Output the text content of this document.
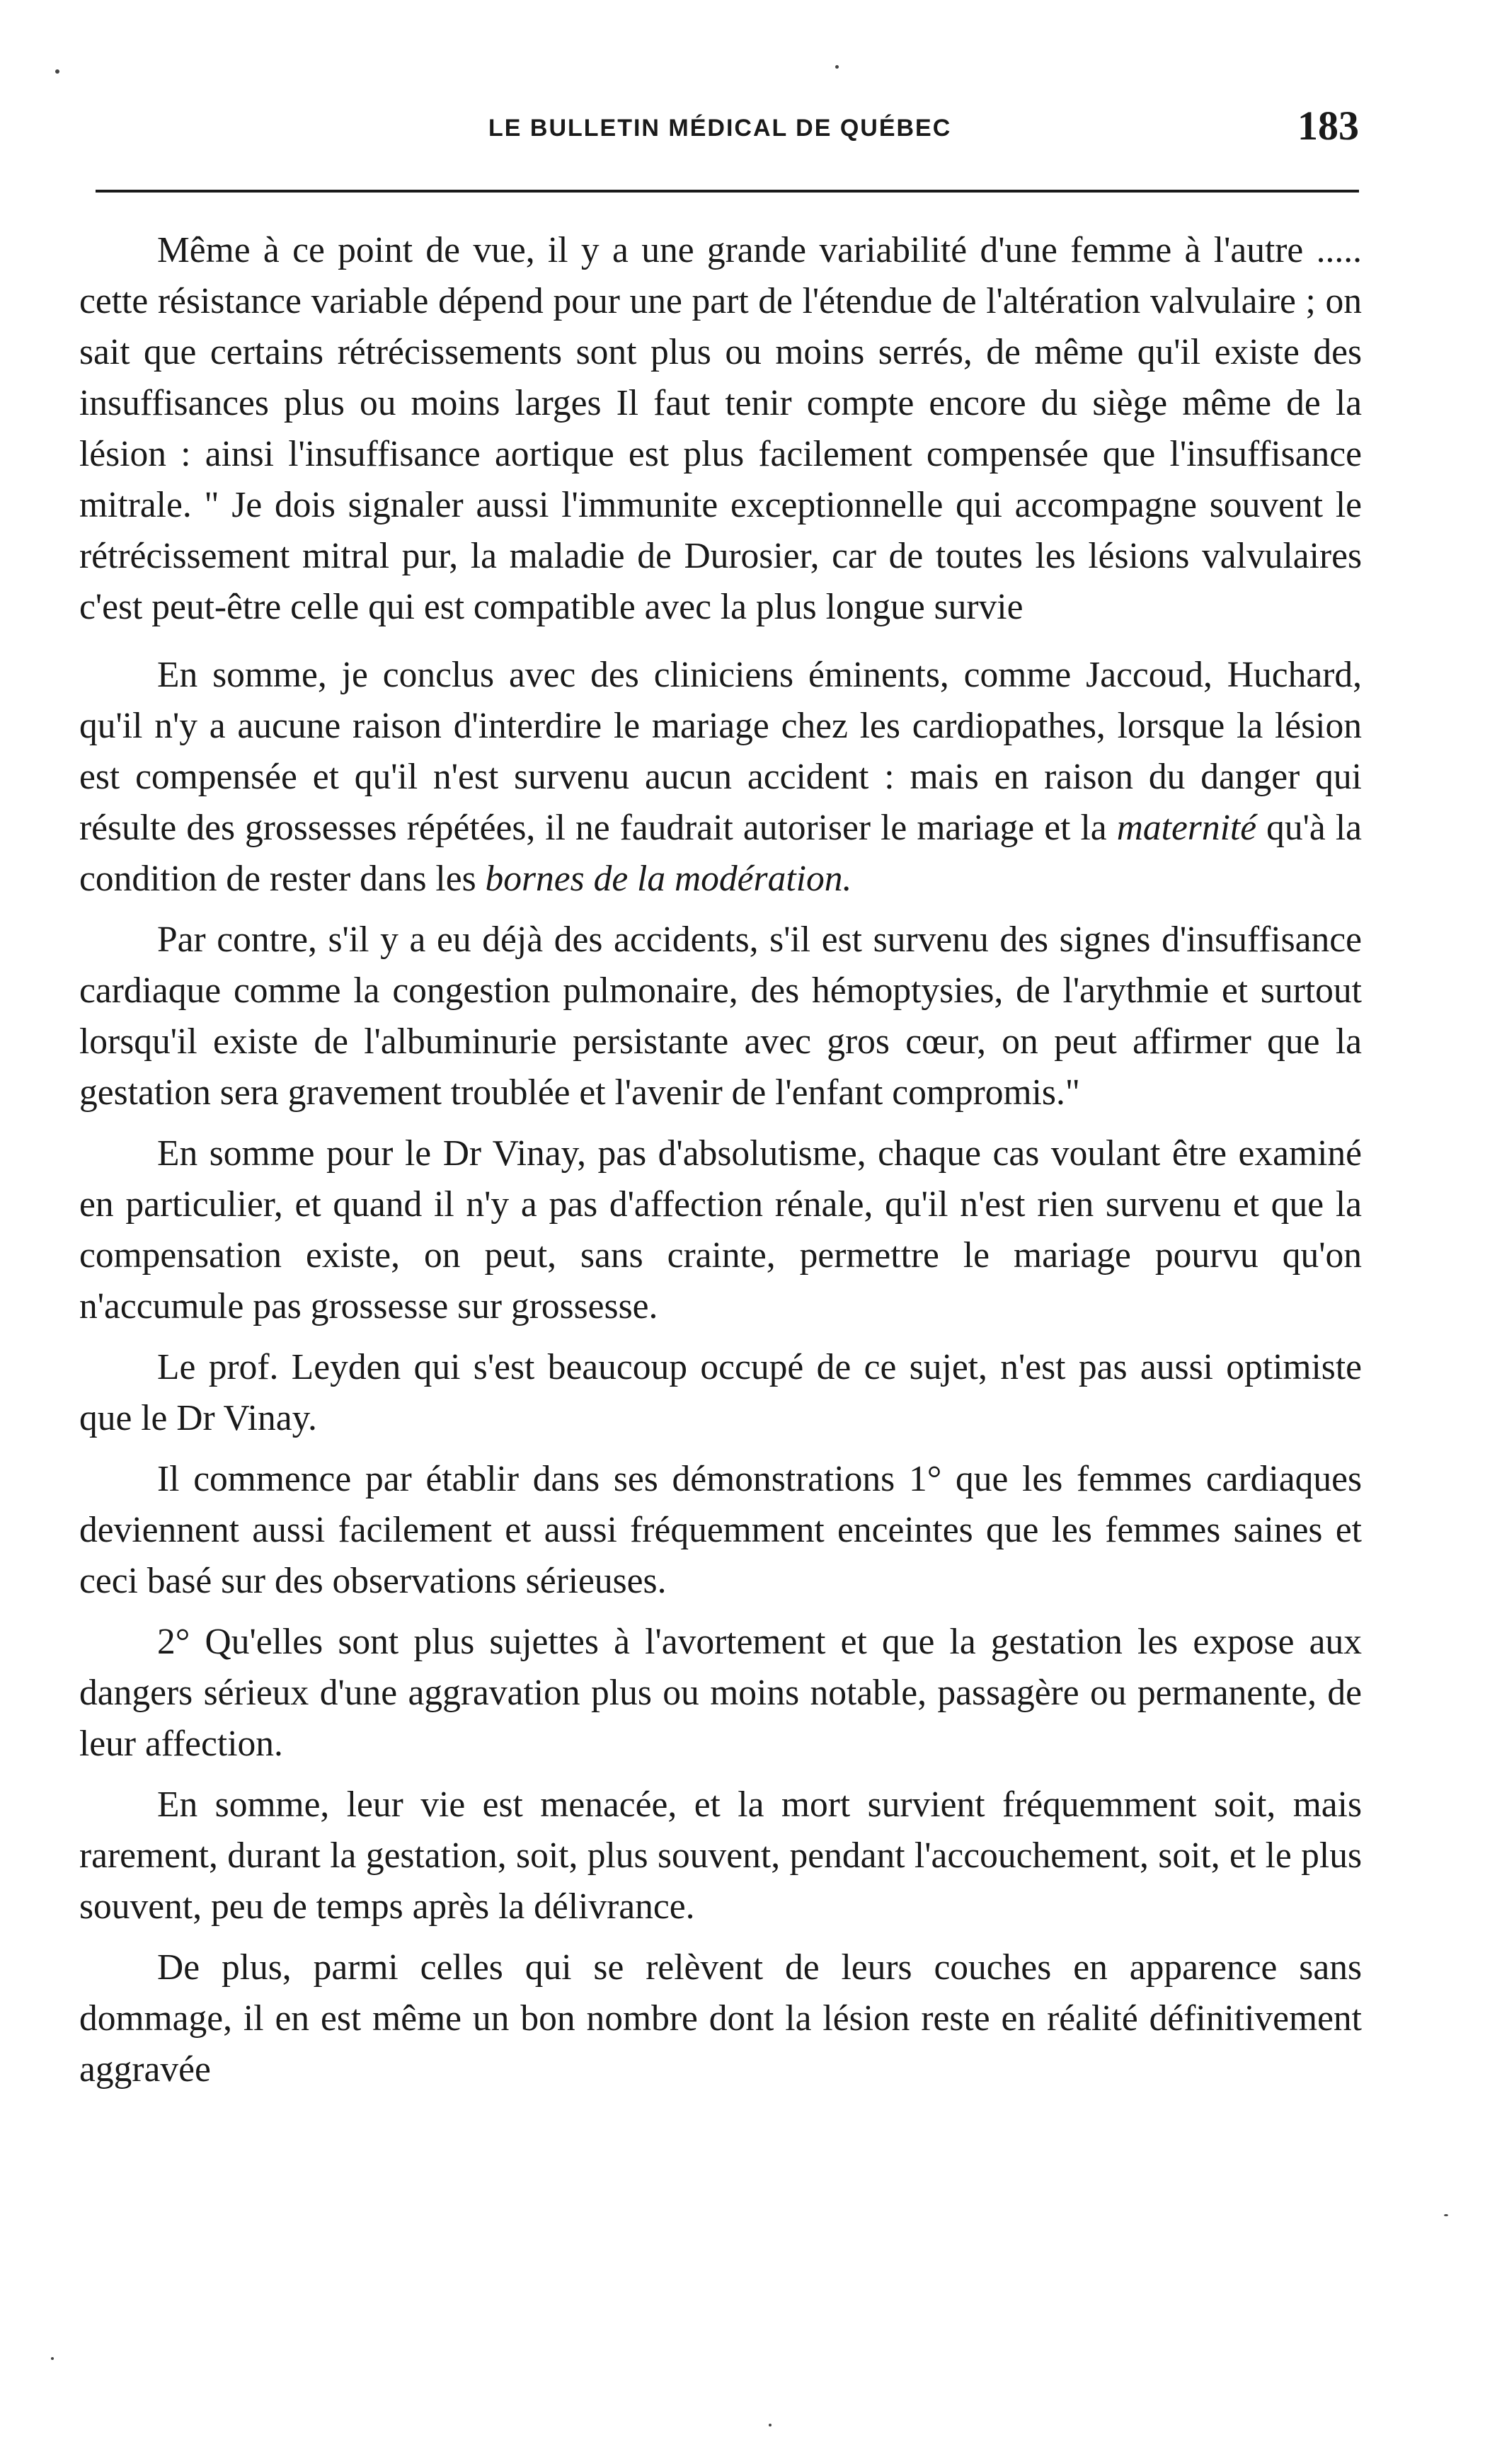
LE BULLETIN MÉDICAL DE QUÉBEC	183

Même à ce point de vue, il y a une grande variabilité d'une femme à l'autre ..... cette résistance variable dépend pour une part de l'étendue de l'altération valvulaire ; on sait que certains rétrécissements sont plus ou moins serrés, de même qu'il existe des insuffisances plus ou moins larges Il faut tenir compte encore du siège même de la lésion : ainsi l'insuffisance aortique est plus facilement compensée que l'insuffisance mitrale. " Je dois signaler aussi l'immunite exceptionnelle qui accompagne souvent le rétrécissement mitral pur, la maladie de Durosier, car de toutes les lésions valvulaires c'est peut-être celle qui est compatible avec la plus longue survie

En somme, je conclus avec des cliniciens éminents, comme Jaccoud, Huchard, qu'il n'y a aucune raison d'interdire le mariage chez les cardiopathes, lorsque la lésion est compensée et qu'il n'est survenu aucun accident : mais en raison du danger qui résulte des grossesses répétées, il ne faudrait autoriser le mariage et la maternité qu'à la condition de rester dans les bornes de la modération.

Par contre, s'il y a eu déjà des accidents, s'il est survenu des signes d'insuffisance cardiaque comme la congestion pulmonaire, des hémoptysies, de l'arythmie et surtout lorsqu'il existe de l'albuminurie persistante avec gros cœur, on peut affirmer que la gestation sera gravement troublée et l'avenir de l'enfant compromis."

En somme pour le Dr Vinay, pas d'absolutisme, chaque cas voulant être examiné en particulier, et quand il n'y a pas d'affection rénale, qu'il n'est rien survenu et que la compensation existe, on peut, sans crainte, permettre le mariage pourvu qu'on n'accumule pas grossesse sur grossesse.

Le prof. Leyden qui s'est beaucoup occupé de ce sujet, n'est pas aussi optimiste que le Dr Vinay.

Il commence par établir dans ses démonstrations 1° que les femmes cardiaques deviennent aussi facilement et aussi fréquemment enceintes que les femmes saines et ceci basé sur des observations sérieuses.

2° Qu'elles sont plus sujettes à l'avortement et que la gestation les expose aux dangers sérieux d'une aggravation plus ou moins notable, passagère ou permanente, de leur affection.

En somme, leur vie est menacée, et la mort survient fréquemment soit, mais rarement, durant la gestation, soit, plus souvent, pendant l'accouchement, soit, et le plus souvent, peu de temps après la délivrance.

De plus, parmi celles qui se relèvent de leurs couches en apparence sans dommage, il en est même un bon nombre dont la lésion reste en réalité définitivement aggravée
